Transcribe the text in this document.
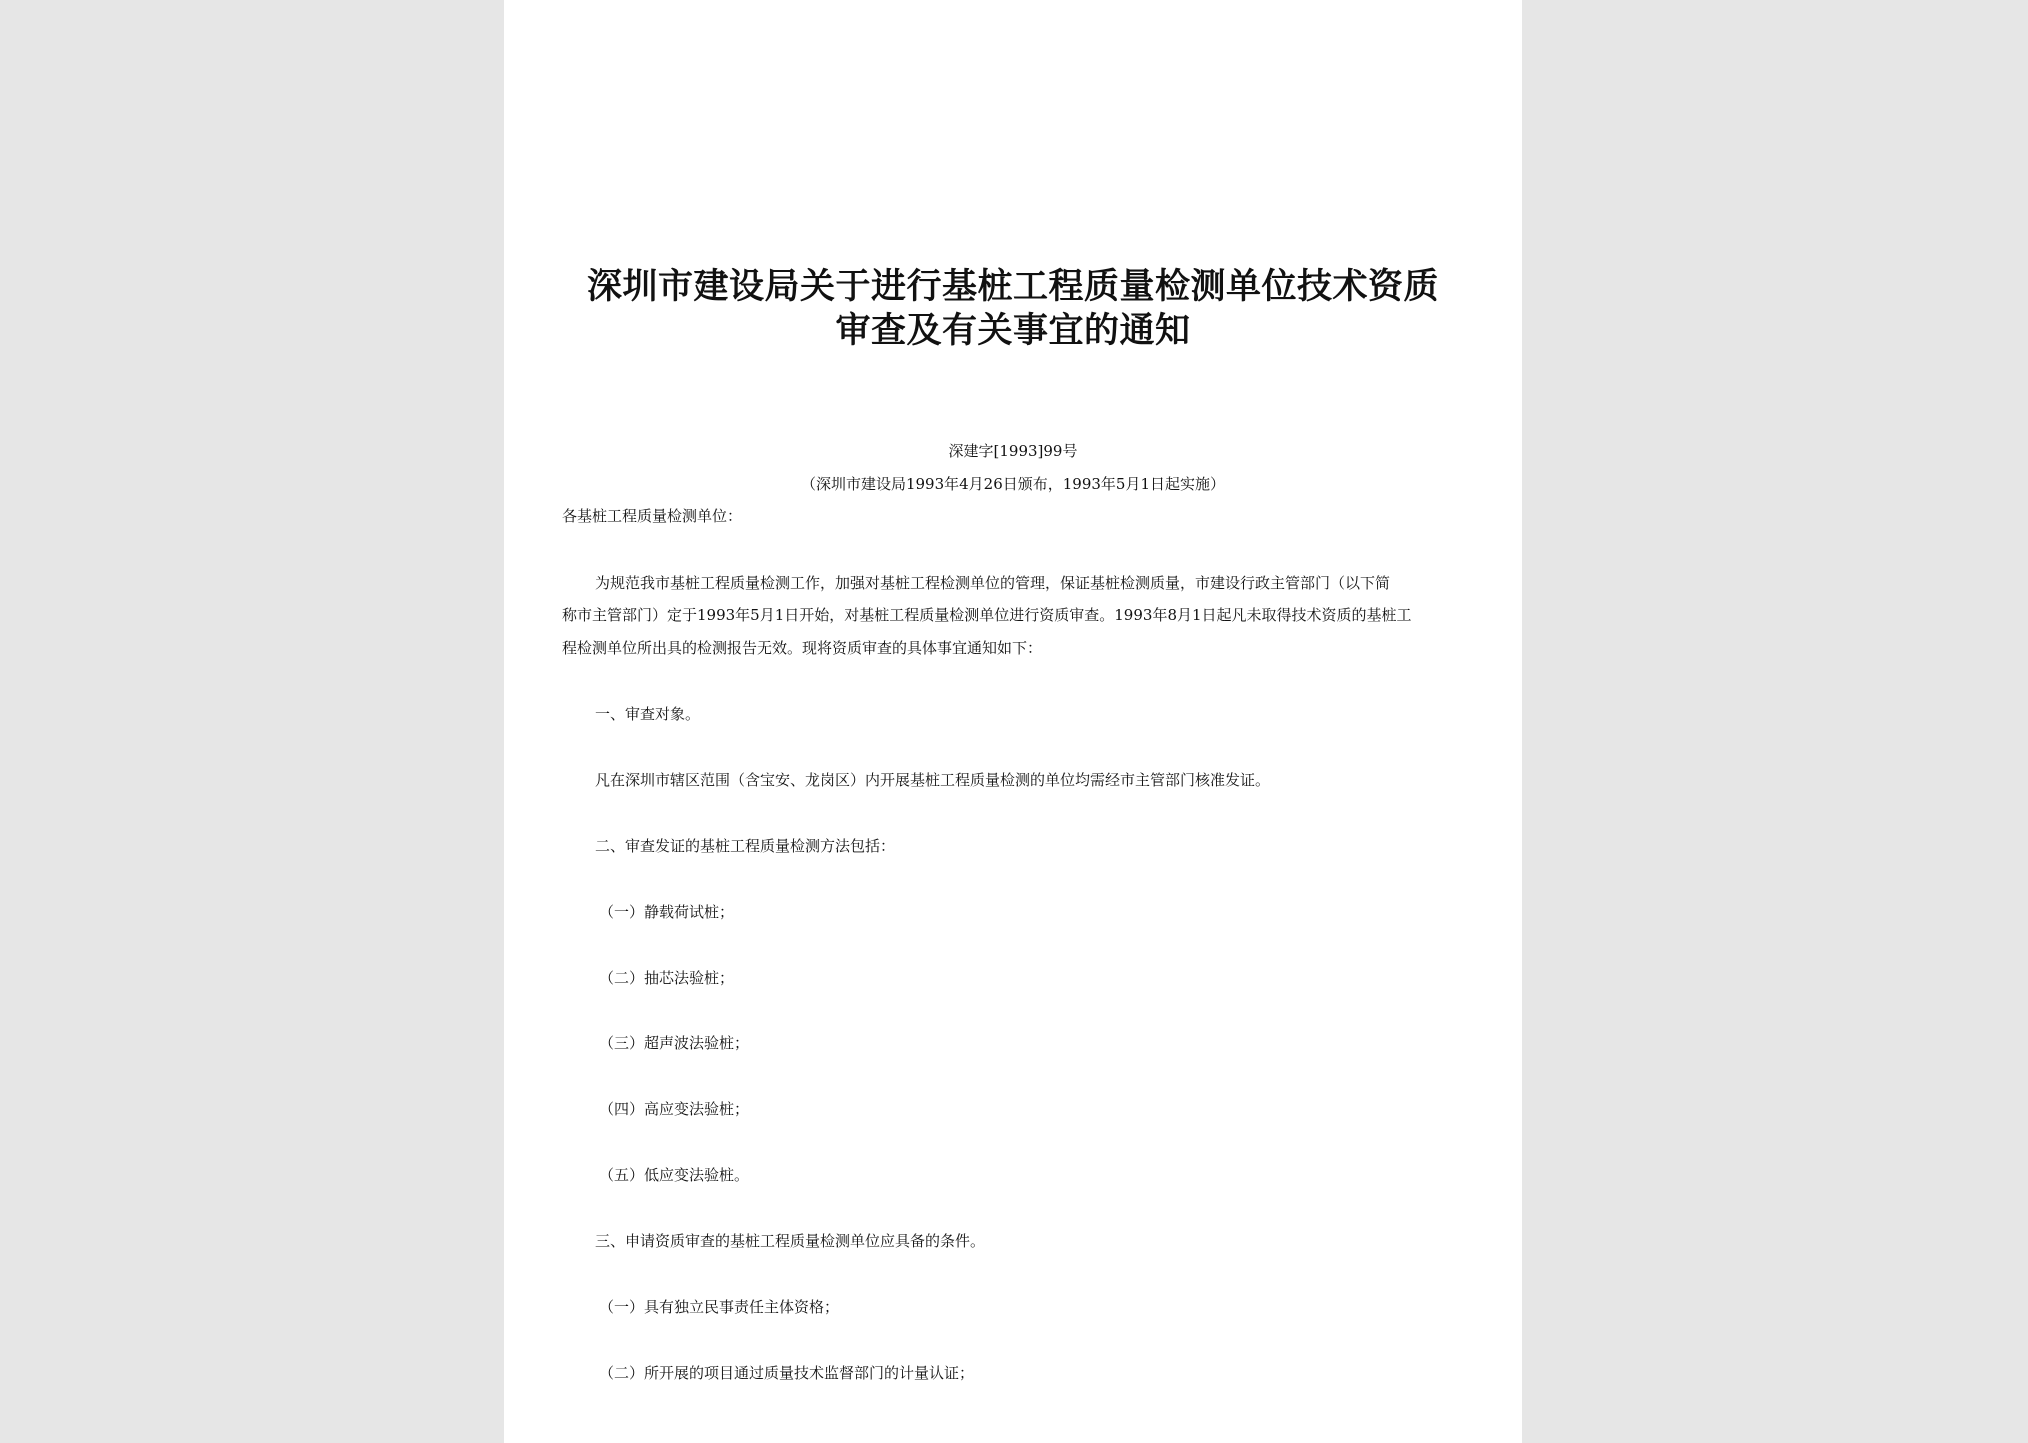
深圳市建设局关于进行基桩工程质量检测单位技术资质
审查及有关事宜的通知
深建字[1993]99号
（深圳市建设局1993年4月26日颁布，1993年5月1日起实施）
各基桩工程质量检测单位：
为规范我市基桩工程质量检测工作，加强对基桩工程检测单位的管理，保证基桩检测质量，市建设行政主管部门（以下简
称市主管部门）定于1993年5月1日开始，对基桩工程质量检测单位进行资质审查。1993年8月1日起凡未取得技术资质的基桩工
程检测单位所出具的检测报告无效。现将资质审查的具体事宜通知如下：
一、审查对象。
凡在深圳市辖区范围（含宝安、龙岗区）内开展基桩工程质量检测的单位均需经市主管部门核准发证。
二、审查发证的基桩工程质量检测方法包括：
（一）静载荷试桩；
（二）抽芯法验桩；
（三）超声波法验桩；
（四）高应变法验桩；
（五）低应变法验桩。
三、申请资质审查的基桩工程质量检测单位应具备的条件。
（一）具有独立民事责任主体资格；
（二）所开展的项目通过质量技术监督部门的计量认证；
